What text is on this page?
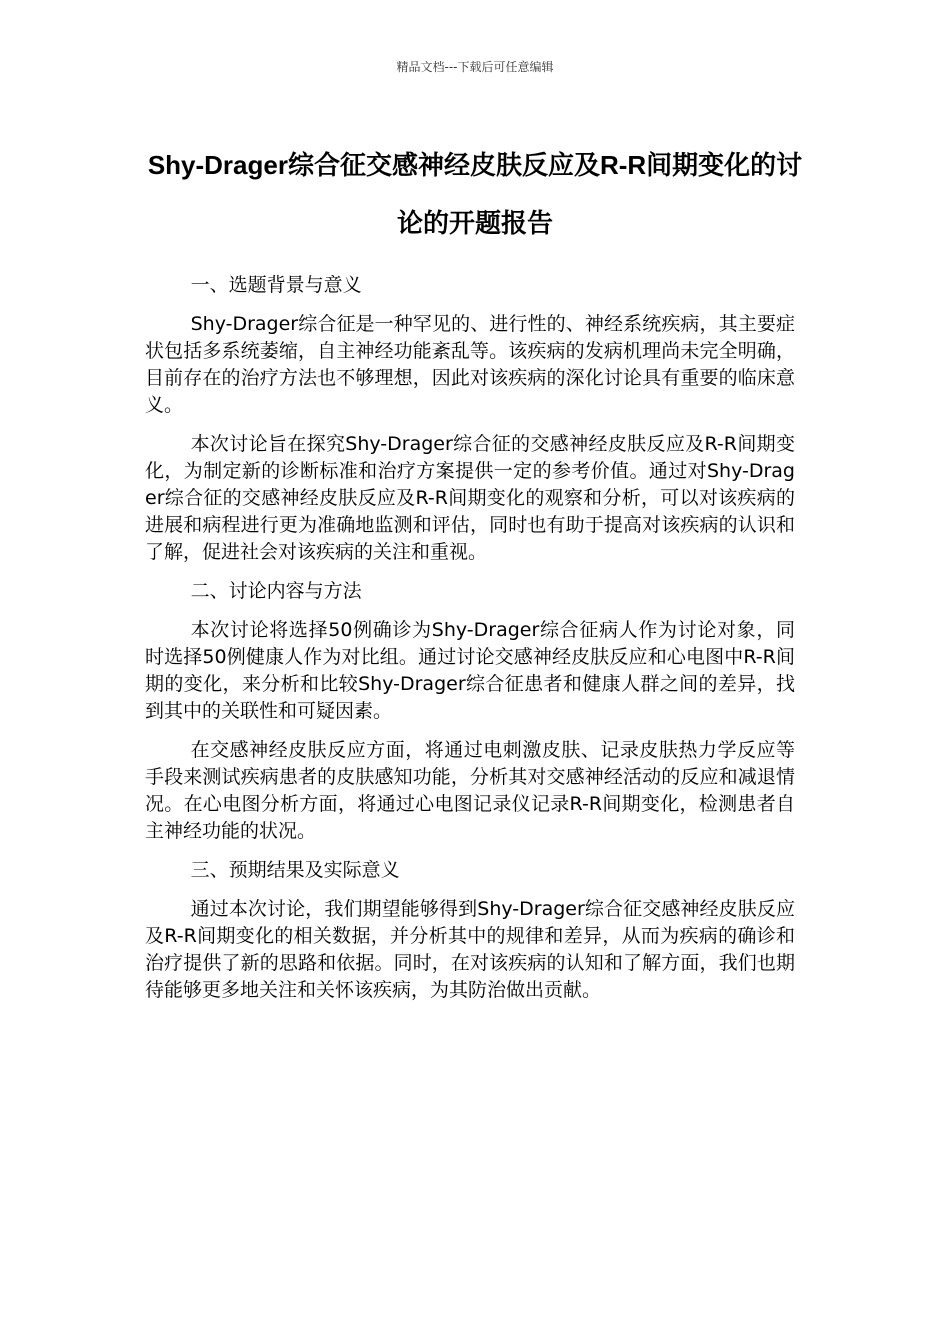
精品文档---下载后可任意编辑
Shy-Drager综合征交感神经皮肤反应及R-R间期变化的讨论的开题报告

一、选题背景与意义

Shy-Drager综合征是一种罕见的、进行性的、神经系统疾病，其主要症状包括多系统萎缩，自主神经功能紊乱等。该疾病的发病机理尚未完全明确，目前存在的治疗方法也不够理想，因此对该疾病的深化讨论具有重要的临床意义。

本次讨论旨在探究Shy-Drager综合征的交感神经皮肤反应及R-R间期变化，为制定新的诊断标准和治疗方案提供一定的参考价值。通过对Shy-Drager综合征的交感神经皮肤反应及R-R间期变化的观察和分析，可以对该疾病的进展和病程进行更为准确地监测和评估，同时也有助于提高对该疾病的认识和了解，促进社会对该疾病的关注和重视。

二、讨论内容与方法

本次讨论将选择50例确诊为Shy-Drager综合征病人作为讨论对象，同时选择50例健康人作为对比组。通过讨论交感神经皮肤反应和心电图中R-R间期的变化，来分析和比较Shy-Drager综合征患者和健康人群之间的差异，找到其中的关联性和可疑因素。

在交感神经皮肤反应方面，将通过电刺激皮肤、记录皮肤热力学反应等手段来测试疾病患者的皮肤感知功能，分析其对交感神经活动的反应和减退情况。在心电图分析方面，将通过心电图记录仪记录R-R间期变化，检测患者自主神经功能的状况。

三、预期结果及实际意义

通过本次讨论，我们期望能够得到Shy-Drager综合征交感神经皮肤反应及R-R间期变化的相关数据，并分析其中的规律和差异，从而为疾病的确诊和治疗提供了新的思路和依据。同时，在对该疾病的认知和了解方面，我们也期待能够更多地关注和关怀该疾病，为其防治做出贡献。
